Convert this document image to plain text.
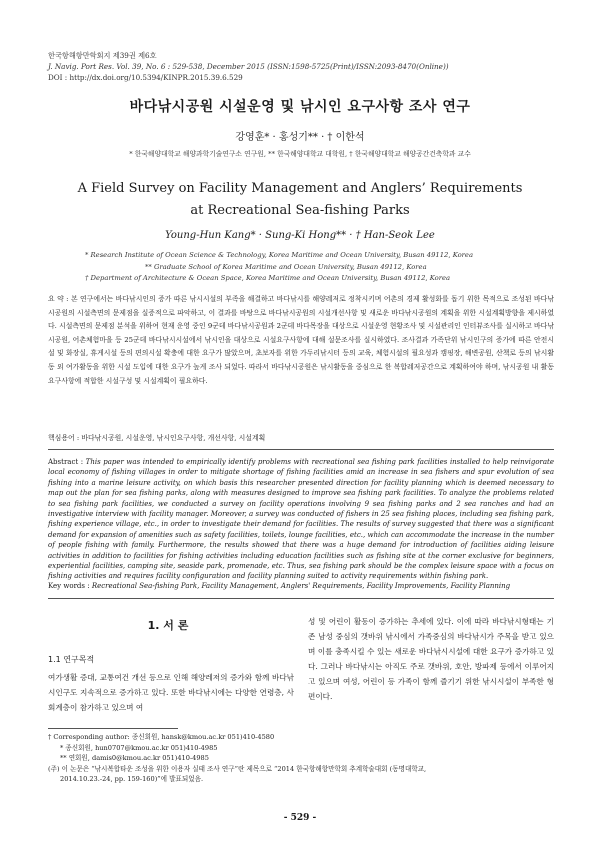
한국항해항만학회지 제39권 제6호
J. Navig. Port Res. Vol. 39, No. 6 : 529-538, December 2015 (ISSN:1598-5725(Print)/ISSN:2093-8470(Online))
DOI : http://dx.doi.org/10.5394/KINPR.2015.39.6.529
바다낚시공원 시설운영 및 낚시인 요구사항 조사 연구
강영훈* · 홍성기** · † 이한석
* 한국해양대학교 해양과학기술연구소 연구원, ** 한국해양대학교 대학원, † 한국해양대학교 해양공간건축학과 교수
A Field Survey on Facility Management and Anglers’ Requirements
at Recreational Sea-fishing Parks
Young-Hun Kang* · Sung-Ki Hong** · † Han-Seok Lee
* Research Institute of Ocean Science & Technology, Korea Maritime and Ocean University, Busan 49112, Korea
** Graduate School of Korea Maritime and Ocean University, Busan 49112, Korea
† Department of Architecture & Ocean Space, Korea Maritime and Ocean University, Busan 49112, Korea
요 약 : 본 연구에서는 바다낚시인의 증가 따른 낚시시설의 부족을 해결하고 바다낚시를 해양레저로 정착시키며 어촌의 경제 활성화를 돕기 위한 목적으로 조성된 바다낚시공원의 시설측면의 문제점을 실증적으로 파악하고, 이 결과를 바탕으로 바다낚시공원의 시설개선사항 및 새로운 바다낚시공원의 계획을 위한 시설계획방향을 제시하였다. 시설측면의 문제점 분석을 위하여 현재 운영 중인 9군데 바다낚시공원과 2군데 바다목장을 대상으로 시설운영 현황조사 및 시설관리인 인터뷰조사를 실시하고 바다낚시공원, 어촌체험마을 등 25군데 바다낚시시설에서 낚시인을 대상으로 시설요구사항에 대해 설문조사를 실시하였다. 조사결과 가족단위 낚시인구의 증가에 따른 안전시설 및 화장실, 휴게시설 등의 편의시설 확충에 대한 요구가 많았으며, 초보자를 위한 가두리낚시터 등의 교육, 체험시설의 필요성과 캠핑장, 해변공원, 산책로 등의 낚시활동 외 여가활동을 위한 시설 도입에 대한 요구가 높게 조사 되었다. 따라서 바다낚시공원은 낚시활동을 중심으로 한 복합레저공간으로 계획하여야 하며, 낚시공원 내 활동요구사항에 적합한 시설구성 및 시설계획이 필요하다.
핵심용어 : 바다낚시공원, 시설운영, 낚시인요구사항, 개선사항, 시설계획
Abstract : This paper was intended to empirically identify problems with recreational sea fishing park facilities installed to help reinvigorate local economy of fishing villages in order to mitigate shortage of fishing facilities amid an increase in sea fishers and spur evolution of sea fishing into a marine leisure activity, on which basis this researcher presented direction for facility planning which is deemed necessary to map out the plan for sea fishing parks, along with measures designed to improve sea fishing park facilities. To analyze the problems related to sea fishing park facilities, we conducted a survey on facility operations involving 9 sea fishing parks and 2 sea ranches and had an investigative interview with facility manager. Moreover, a survey was conducted of fishers in 25 sea fishing places, including sea fishing park, fishing experience village, etc., in order to investigate their demand for facilities. The results of survey suggested that there was a significant demand for expansion of amenities such as safety facilities, toilets, lounge facilities, etc., which can accommodate the increase in the number of people fishing with family. Furthermore, the results showed that there was a huge demand for introduction of facilities aiding leisure activities in addition to facilities for fishing activities including education facilities such as fishing site at the corner exclusive for beginners, experiential facilities, camping site, seaside park, promenade, etc. Thus, sea fishing park should be the complex leisure space with a focus on fishing activities and requires facility configuration and facility planning suited to activity requirements within fishing park.
Key words : Recreational Sea-fishing Park, Facility Management, Anglers' Requirements, Facility Improvements, Facility Planning
1. 서 론
1.1 연구목적
여가생활 증대, 교통여건 개선 등으로 인해 해양레저의 증가와 함께 바다낚시인구도 지속적으로 증가하고 있다. 또한 바다낚시에는 다양한 연령층, 사회계층이 참가하고 있으며 여
성 및 어린이 활동이 증가하는 추세에 있다. 이에 따라 바다낚시형태는 기존 남성 중심의 갯바위 낚시에서 가족중심의 바다낚시가 주목을 받고 있으며 이를 충족시킬 수 있는 새로운 바다낚시시설에 대한 요구가 증가하고 있다. 그러나 바다낚시는 아직도 주로 갯바위, 호안, 방파제 등에서 이루어지고 있으며 여성, 어린이 등 가족이 함께 즐기기 위한 낚시시설이 부족한 형편이다.
† Corresponding author: 종신회원, hansk@kmou.ac.kr 051)410-4580
* 종신회원, hun0707@kmou.ac.kr 051)410-4985
** 연회원, damis0@kmou.ac.kr 051)410-4985
(주) 이 논문은 “낚시복합타운 조성을 위한 이용자 실태 조사 연구”란 제목으로 “2014 한국항해항만학회 추계학술대회 (동명대학교,
2014.10.23.-24, pp. 159-160)”에 발표되었음.
- 529 -
